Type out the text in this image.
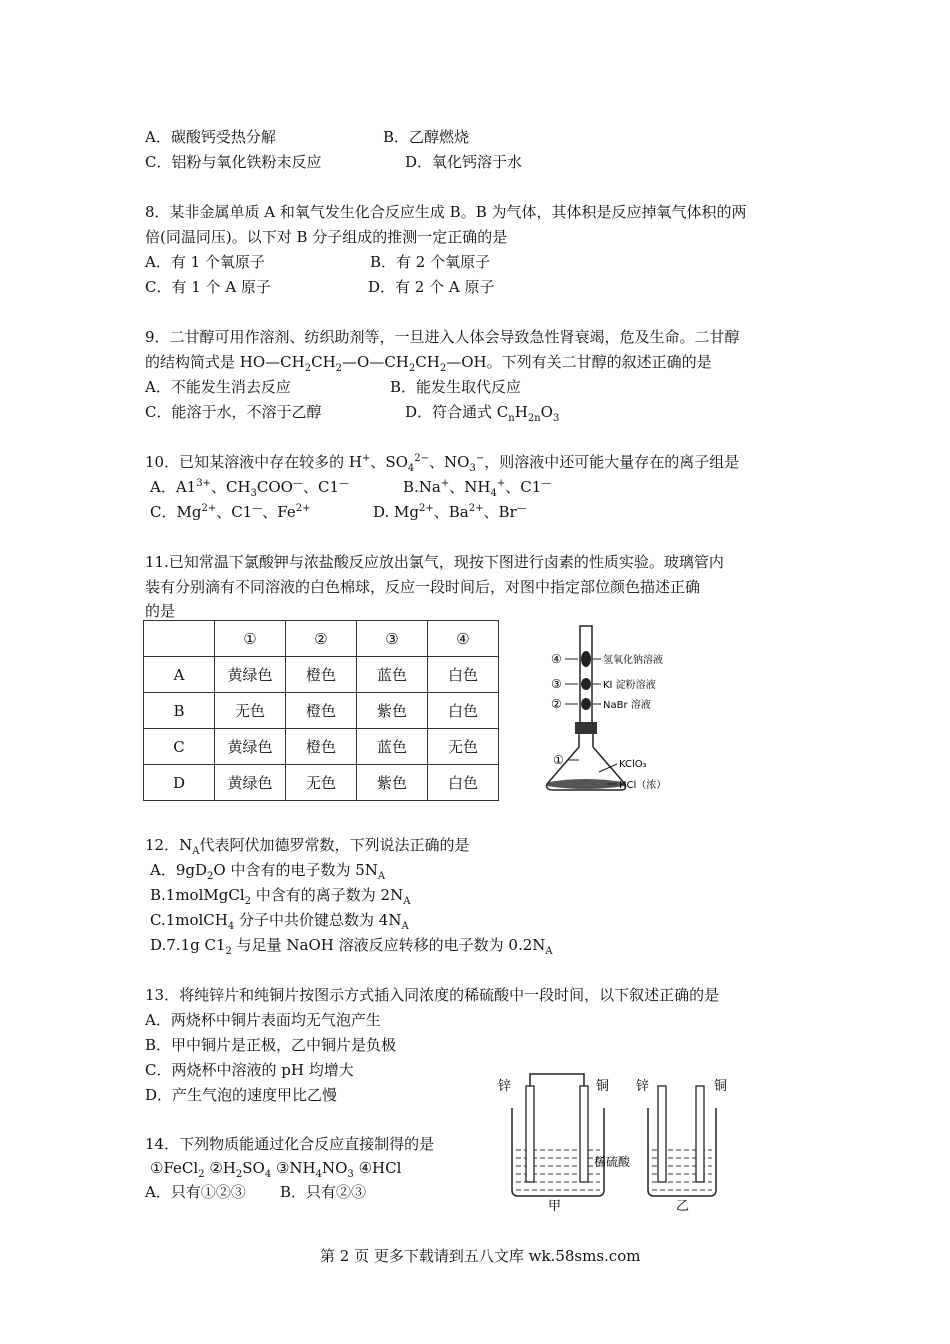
A．碳酸钙受热分解	B．乙醇燃烧
C．铝粉与氧化铁粉末反应	D．氧化钙溶于水
8．某非金属单质 A 和氧气发生化合反应生成 B。B 为气体，其体积是反应掉氧气体积的两
倍(同温同压)。以下对 B 分子组成的推测一定正确的是
A．有 1 个氧原子	B．有 2 个氧原子
C．有 1 个 A 原子	D．有 2 个 A 原子
9．二甘醇可用作溶剂、纺织助剂等，一旦进入人体会导致急性肾衰竭，危及生命。二甘醇
的结构简式是 $HO—CH_2CH_2—O—CH_2CH_2—OH$。下列有关二甘醇的叙述正确的是
A．不能发生消去反应	B．能发生取代反应
C．能溶于水，不溶于乙醇	D．符合通式 $C_nH_{2n}O_3$
10．已知某溶液中存在较多的 H+、$SO_4^{2-}$、$NO_3^-$，则溶液中还可能大量存在的离子组是
A．$A1^{3+}$、$CH_3COO^—$、C1—	B.Na+、$NH_4^+$、C1—
C．$Mg^{2+}$、C1—、$Fe^{2+}$	D. $Mg^{2+}$、$Ba^{2+}$、Br—
11.已知常温下氯酸钾与浓盐酸反应放出氯气，现按下图进行卤素的性质实验。玻璃管内
装有分别滴有不同溶液的白色棉球，反应一段时间后，对图中指定部位颜色描述正确
的是
	①	②	③	④
A	黄绿色	橙色	蓝色	白色
B	无色	橙色	紫色	白色
C	黄绿色	橙色	蓝色	无色
D	黄绿色	无色	紫色	白色
④	氢氧化钠溶液
③	KI 淀粉溶液
②	NaBr 溶液
①	KClO₃
HCl（浓）
12．$N_A$代表阿伏加德罗常数，下列说法正确的是
A．$9gD_2O$ 中含有的电子数为 $5N_A$
B.1molMgCl$_2$ 中含有的离子数为 $2N_A$
C.1molCH$_4$ 分子中共价键总数为 $4N_A$
D.7.1g $C1_2$ 与足量 NaOH 溶液反应转移的电子数为 $0.2N_A$
13．将纯锌片和纯铜片按图示方式插入同浓度的稀硫酸中一段时间，以下叙述正确的是
A．两烧杯中铜片表面均无气泡产生
B．甲中铜片是正极，乙中铜片是负极
C．两烧杯中溶液的 pH 均增大
D．产生气泡的速度甲比乙慢	锌	铜
甲
稀硫酸
锌	铜
乙
14．下列物质能通过化合反应直接制得的是
①FeCl$_2$ $②H_2SO_4$ $③NH_4NO_3$ ④HCl
A．只有①②③ B．只有②③
第 2 页 更多下载请到五八文库 wk.58sms.com
